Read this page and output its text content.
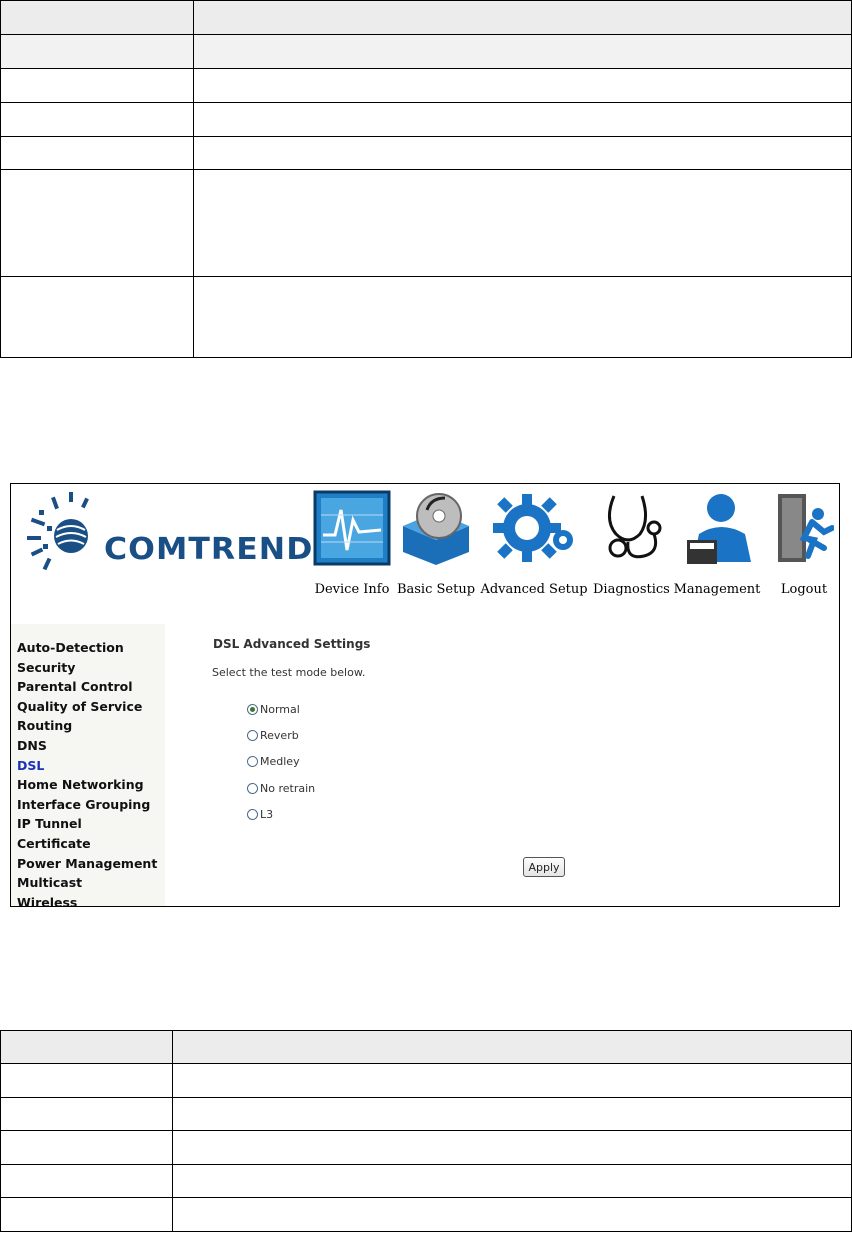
COMTREND
Device Info Basic Setup Advanced Setup Diagnostics Management	Logout
Auto-Detection
Security
Parental Control
Quality of Service
Routing
DNS
DSL
Home Networking
Interface Grouping
IP Tunnel
Certificate
Power Management
Multicast
Wireless
DSL Advanced Settings
Select the test mode below.
Normal
Reverb
Medley
No retrain
L3
Apply
